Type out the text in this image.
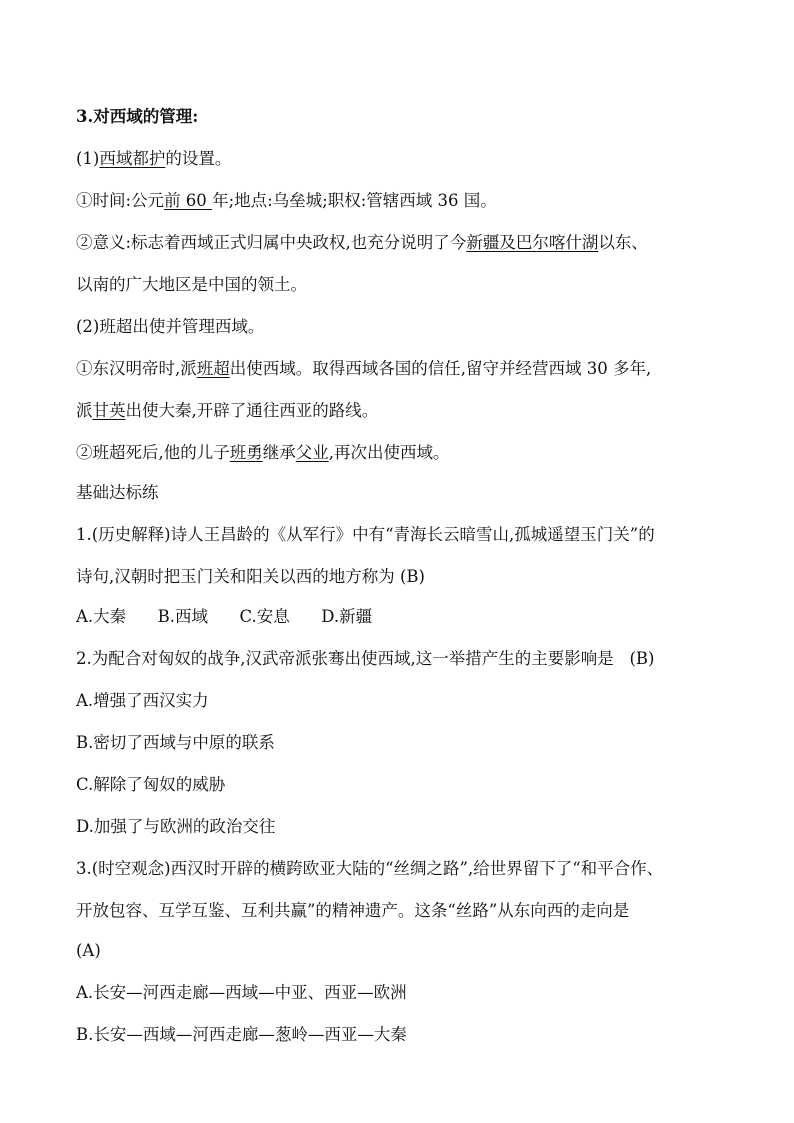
3.对西域的管理:
(1)西域都护的设置。
①时间:公元前 60 年;地点:乌垒城;职权:管辖西域 36 国。
②意义:标志着西域正式归属中央政权,也充分说明了今新疆及巴尔喀什湖以东、
以南的广大地区是中国的领土。
(2)班超出使并管理西域。
①东汉明帝时,派班超出使西域。取得西域各国的信任,留守并经营西域 30 多年,
派甘英出使大秦,开辟了通往西亚的路线。
②班超死后,他的儿子班勇继承父业,再次出使西域。
基础达标练
1.(历史解释)诗人王昌龄的《从军行》中有“青海长云暗雪山,孤城遥望玉门关”的
诗句,汉朝时把玉门关和阳关以西的地方称为 (B)
A.大秦      B.西域      C.安息      D.新疆
2.为配合对匈奴的战争,汉武帝派张骞出使西域,这一举措产生的主要影响是   (B)
A.增强了西汉实力
B.密切了西域与中原的联系
C.解除了匈奴的威胁
D.加强了与欧洲的政治交往
3.(时空观念)西汉时开辟的横跨欧亚大陆的“丝绸之路”,给世界留下了“和平合作、
开放包容、互学互鉴、互利共赢”的精神遗产。这条“丝路”从东向西的走向是
(A)
A.长安—河西走廊—西域—中亚、西亚—欧洲
B.长安—西域—河西走廊—葱岭—西亚—大秦
